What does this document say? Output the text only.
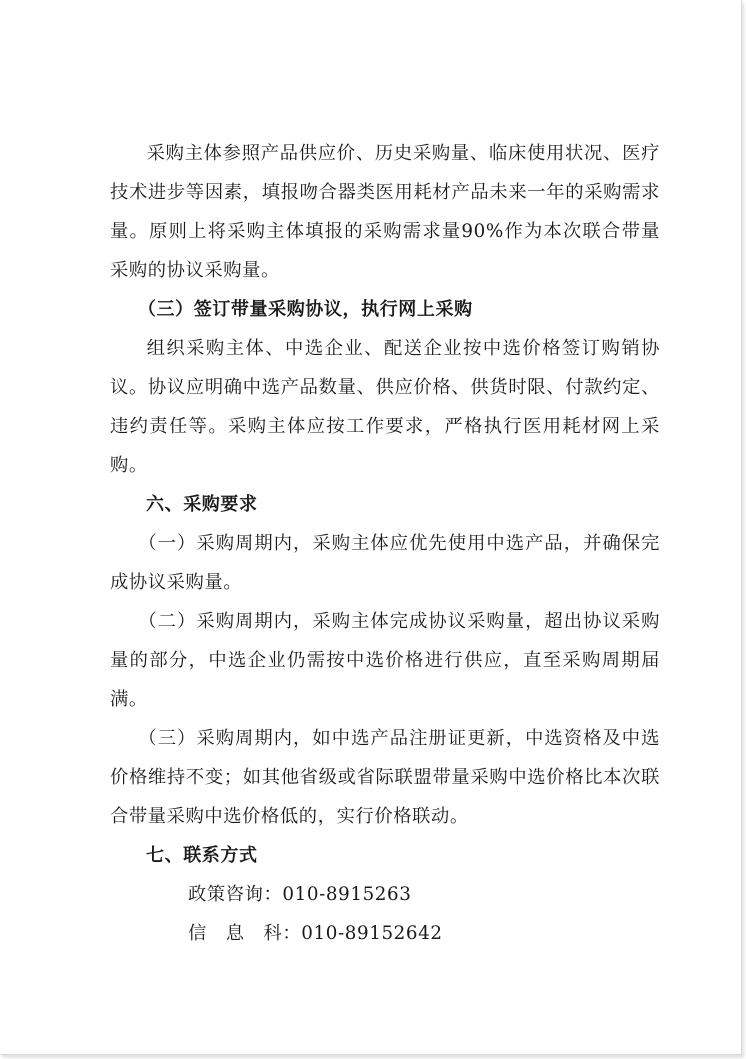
采购主体参照产品供应价、历史采购量、临床使用状况、医疗技术进步等因素，填报吻合器类医用耗材产品未来一年的采购需求量。原则上将采购主体填报的采购需求量90%作为本次联合带量采购的协议采购量。

（三）签订带量采购协议，执行网上采购

组织采购主体、中选企业、配送企业按中选价格签订购销协议。协议应明确中选产品数量、供应价格、供货时限、付款约定、违约责任等。采购主体应按工作要求，严格执行医用耗材网上采购。

六、采购要求

（一）采购周期内，采购主体应优先使用中选产品，并确保完成协议采购量。

（二）采购周期内，采购主体完成协议采购量，超出协议采购量的部分，中选企业仍需按中选价格进行供应，直至采购周期届满。

（三）采购周期内，如中选产品注册证更新，中选资格及中选价格维持不变；如其他省级或省际联盟带量采购中选价格比本次联合带量采购中选价格低的，实行价格联动。

七、联系方式

政策咨询：010-8915263

信　息　科：010-89152642
